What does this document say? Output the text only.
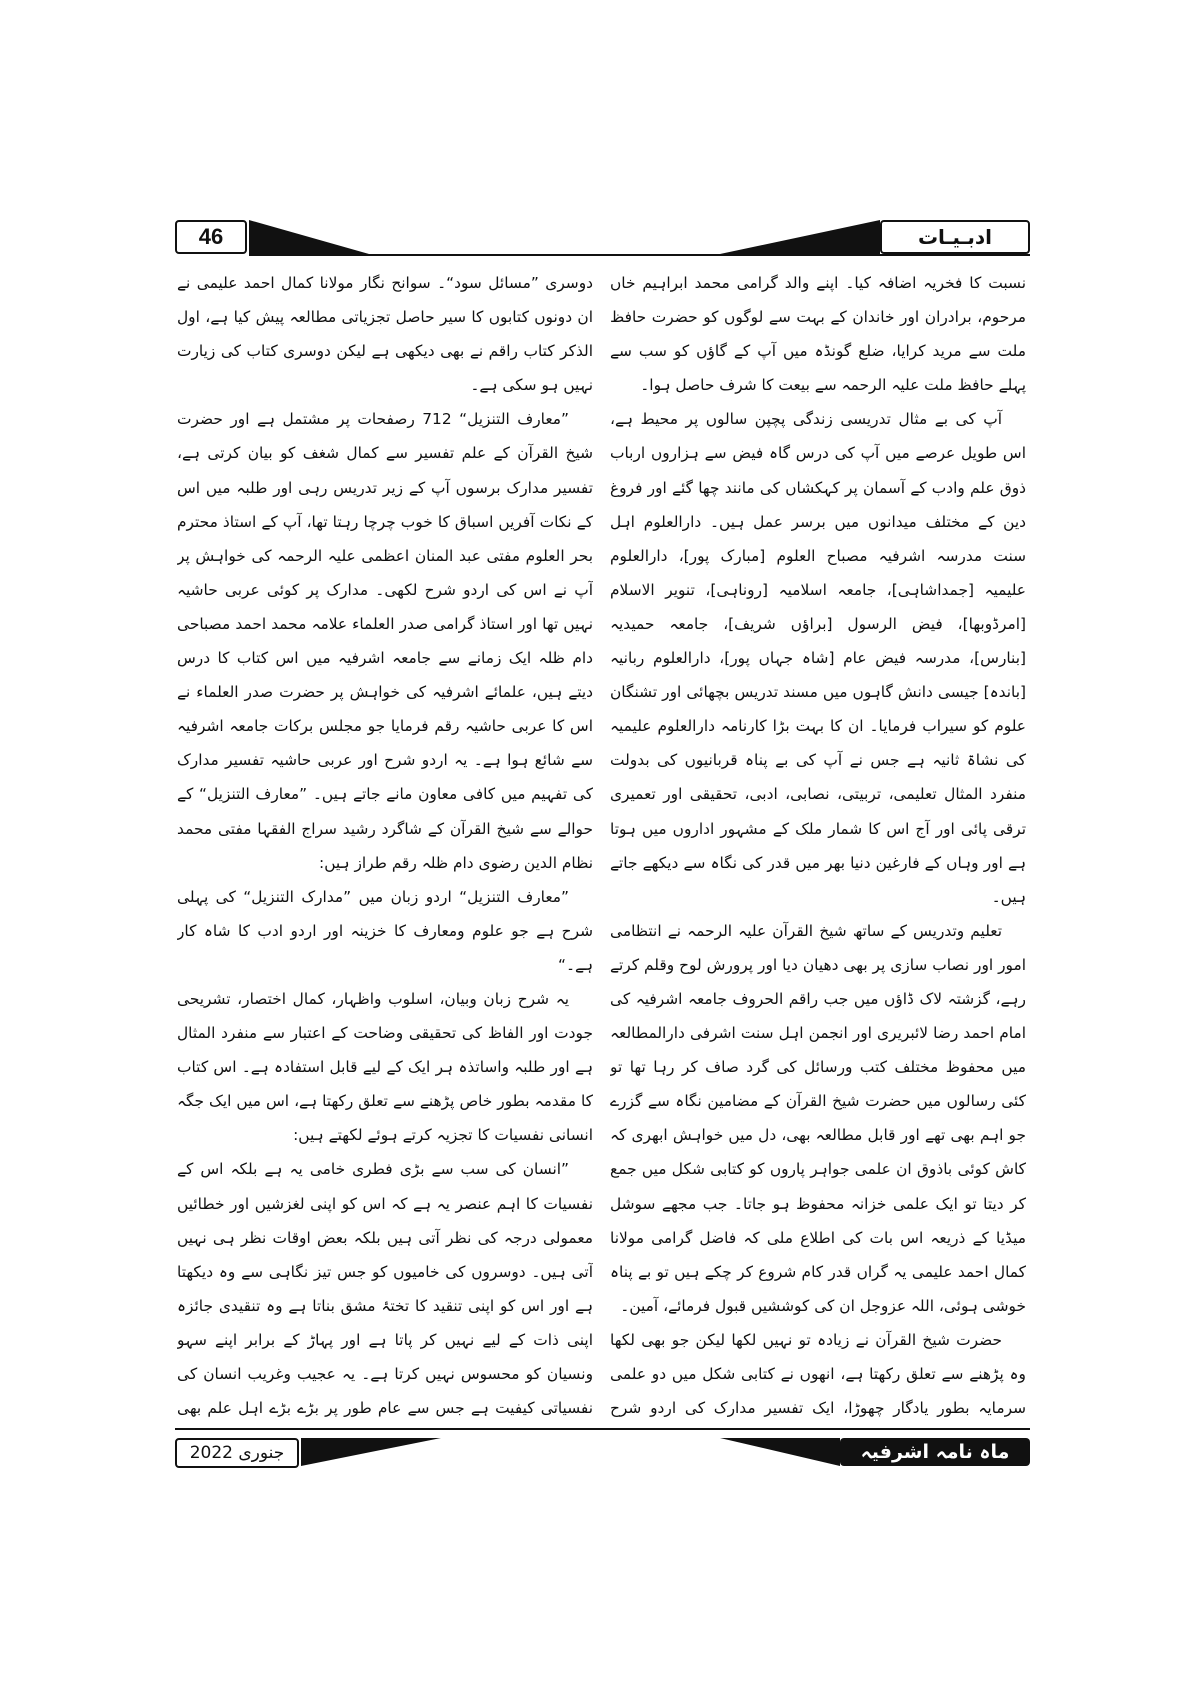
46	ادبـیـات

نسبت کا فخریہ اضافہ کیا۔ اپنے والد گرامی محمد ابراہیم خاں مرحوم، برادران اور خاندان کے بہت سے لوگوں کو حضرت حافظ ملت سے مرید کرایا، ضلع گونڈہ میں آپ کے گاؤں کو سب سے پہلے حافظ ملت علیہ الرحمہ سے بیعت کا شرف حاصل ہوا۔

آپ کی بے مثال تدریسی زندگی پچپن سالوں پر محیط ہے، اس طویل عرصے میں آپ کی درس گاہ فیض سے ہزاروں ارباب ذوق علم وادب کے آسمان پر کہکشاں کی مانند چھا گئے اور فروغ دین کے مختلف میدانوں میں برسر عمل ہیں۔ دارالعلوم اہل سنت مدرسہ اشرفیہ مصباح العلوم [مبارک پور]، دارالعلوم علیمیہ [جمداشاہی]، جامعہ اسلامیہ [روناہی]، تنویر الاسلام [امرڈوبھا]، فیض الرسول [براؤں شریف]، جامعہ حمیدیہ [بنارس]، مدرسہ فیض عام [شاہ جہاں پور]، دارالعلوم ربانیہ [باندہ] جیسی دانش گاہوں میں مسند تدریس بچھائی اور تشنگان علوم کو سیراب فرمایا۔ ان کا بہت بڑا کارنامہ دارالعلوم علیمیہ کی نشاۃ ثانیہ ہے جس نے آپ کی بے پناہ قربانیوں کی بدولت منفرد المثال تعلیمی، تربیتی، نصابی، ادبی، تحقیقی اور تعمیری ترقی پائی اور آج اس کا شمار ملک کے مشہور اداروں میں ہوتا ہے اور وہاں کے فارغین دنیا بھر میں قدر کی نگاہ سے دیکھے جاتے ہیں۔

تعلیم وتدریس کے ساتھ شیخ القرآن علیہ الرحمہ نے انتظامی امور اور نصاب سازی پر بھی دھیان دیا اور پرورش لوح وقلم کرتے رہے، گزشتہ لاک ڈاؤں میں جب راقم الحروف جامعہ اشرفیہ کی امام احمد رضا لائبریری اور انجمن اہل سنت اشرفی دارالمطالعہ میں محفوظ مختلف کتب ورسائل کی گرد صاف کر رہا تھا تو کئی رسالوں میں حضرت شیخ القرآن کے مضامین نگاہ سے گزرے جو اہم بھی تھے اور قابل مطالعہ بھی، دل میں خواہش ابھری کہ کاش کوئی باذوق ان علمی جواہر پاروں کو کتابی شکل میں جمع کر دیتا تو ایک علمی خزانہ محفوظ ہو جاتا۔ جب مجھے سوشل میڈیا کے ذریعہ اس بات کی اطلاع ملی کہ فاضل گرامی مولانا کمال احمد علیمی یہ گراں قدر کام شروع کر چکے ہیں تو بے پناہ خوشی ہوئی، اللہ عزوجل ان کی کوششیں قبول فرمائے، آمین۔

حضرت شیخ القرآن نے زیادہ تو نہیں لکھا لیکن جو بھی لکھا وہ پڑھنے سے تعلق رکھتا ہے، انھوں نے کتابی شکل میں دو علمی سرمایہ بطور یادگار چھوڑا، ایک تفسیر مدارک کی اردو شرح

دوسری ”مسائل سود“۔ سوانح نگار مولانا کمال احمد علیمی نے ان دونوں کتابوں کا سیر حاصل تجزیاتی مطالعہ پیش کیا ہے، اول الذکر کتاب راقم نے بھی دیکھی ہے لیکن دوسری کتاب کی زیارت نہیں ہو سکی ہے۔

”معارف التنزیل“ 712 رصفحات پر مشتمل ہے اور حضرت شیخ القرآن کے علم تفسیر سے کمال شغف کو بیان کرتی ہے، تفسیر مدارک برسوں آپ کے زیر تدریس رہی اور طلبہ میں اس کے نکات آفریں اسباق کا خوب چرچا رہتا تھا، آپ کے استاذ محترم بحر العلوم مفتی عبد المنان اعظمی علیہ الرحمہ کی خواہش پر آپ نے اس کی اردو شرح لکھی۔ مدارک پر کوئی عربی حاشیہ نہیں تھا اور استاذ گرامی صدر العلماء علامہ محمد احمد مصباحی دام ظلہ ایک زمانے سے جامعہ اشرفیہ میں اس کتاب کا درس دیتے ہیں، علمائے اشرفیہ کی خواہش پر حضرت صدر العلماء نے اس کا عربی حاشیہ رقم فرمایا جو مجلس برکات جامعہ اشرفیہ سے شائع ہوا ہے۔ یہ اردو شرح اور عربی حاشیہ تفسیر مدارک کی تفہیم میں کافی معاون مانے جاتے ہیں۔ ”معارف التنزیل“ کے حوالے سے شیخ القرآن کے شاگرد رشید سراج الفقہا مفتی محمد نظام الدین رضوی دام ظلہ رقم طراز ہیں:

”معارف التنزیل“ اردو زبان میں ”مدارک التنزیل“ کی پہلی شرح ہے جو علوم ومعارف کا خزینہ اور اردو ادب کا شاہ کار ہے۔“

یہ شرح زبان وبیان، اسلوب واظہار، کمال اختصار، تشریحی جودت اور الفاظ کی تحقیقی وضاحت کے اعتبار سے منفرد المثال ہے اور طلبہ واساتذہ ہر ایک کے لیے قابل استفادہ ہے۔ اس کتاب کا مقدمہ بطور خاص پڑھنے سے تعلق رکھتا ہے، اس میں ایک جگہ انسانی نفسیات کا تجزیہ کرتے ہوئے لکھتے ہیں:

”انسان کی سب سے بڑی فطری خامی یہ ہے بلکہ اس کے نفسیات کا اہم عنصر یہ ہے کہ اس کو اپنی لغزشیں اور خطائیں معمولی درجہ کی نظر آتی ہیں بلکہ بعض اوقات نظر ہی نہیں آتی ہیں۔ دوسروں کی خامیوں کو جس تیز نگاہی سے وہ دیکھتا ہے اور اس کو اپنی تنقید کا تختۂ مشق بناتا ہے وہ تنقیدی جائزہ اپنی ذات کے لیے نہیں کر پاتا ہے اور پہاڑ کے برابر اپنے سہو ونسیان کو محسوس نہیں کرتا ہے۔ یہ عجیب وغریب انسان کی نفسیاتی کیفیت ہے جس سے عام طور پر بڑے بڑے اہل علم بھی

جنوری 2022	ماہ نامہ اشرفیہ
